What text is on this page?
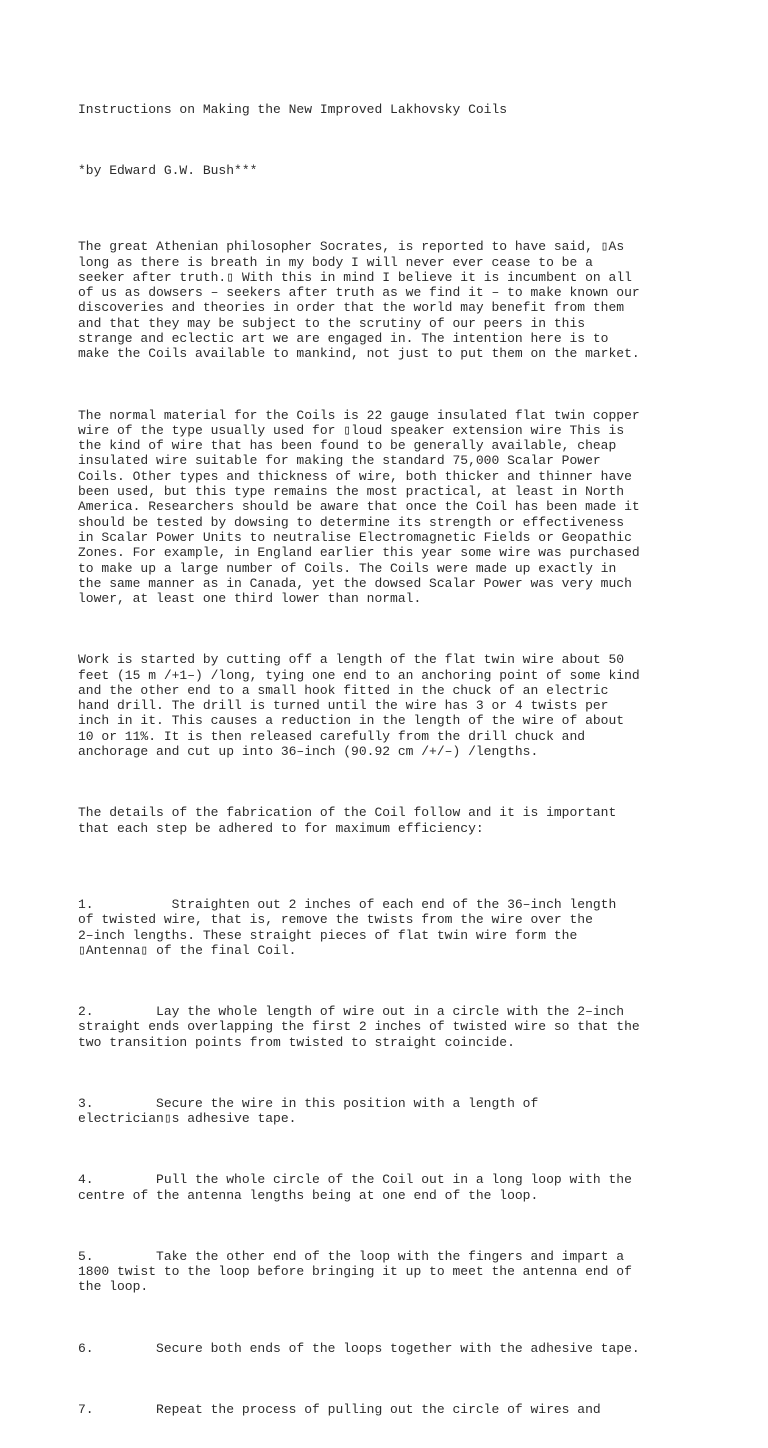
Instructions on Making the New Improved Lakhovsky Coils

*by Edward G.W. Bush***

The great Athenian philosopher Socrates, is reported to have said, ▯As
long as there is breath in my body I will never ever cease to be a
seeker after truth.▯ With this in mind I believe it is incumbent on all
of us as dowsers – seekers after truth as we find it – to make known our
discoveries and theories in order that the world may benefit from them
and that they may be subject to the scrutiny of our peers in this
strange and eclectic art we are engaged in. The intention here is to
make the Coils available to mankind, not just to put them on the market.

The normal material for the Coils is 22 gauge insulated flat twin copper
wire of the type usually used for ▯loud speaker extension wire This is
the kind of wire that has been found to be generally available, cheap
insulated wire suitable for making the standard 75,000 Scalar Power
Coils. Other types and thickness of wire, both thicker and thinner have
been used, but this type remains the most practical, at least in North
America. Researchers should be aware that once the Coil has been made it
should be tested by dowsing to determine its strength or effectiveness
in Scalar Power Units to neutralise Electromagnetic Fields or Geopathic
Zones. For example, in England earlier this year some wire was purchased
to make up a large number of Coils. The Coils were made up exactly in
the same manner as in Canada, yet the dowsed Scalar Power was very much
lower, at least one third lower than normal.

Work is started by cutting off a length of the flat twin wire about 50
feet (15 m /+1–) /long, tying one end to an anchoring point of some kind
and the other end to a small hook fitted in the chuck of an electric
hand drill. The drill is turned until the wire has 3 or 4 twists per
inch in it. This causes a reduction in the length of the wire of about
10 or 11%. It is then released carefully from the drill chuck and
anchorage and cut up into 36–inch (90.92 cm /+/–) /lengths.

The details of the fabrication of the Coil follow and it is important
that each step be adhered to for maximum efficiency:

1.          Straighten out 2 inches of each end of the 36–inch length
of twisted wire, that is, remove the twists from the wire over the
2–inch lengths. These straight pieces of flat twin wire form the
▯Antenna▯ of the final Coil.

2.        Lay the whole length of wire out in a circle with the 2–inch
straight ends overlapping the first 2 inches of twisted wire so that the
two transition points from twisted to straight coincide.

3.        Secure the wire in this position with a length of
electrician▯s adhesive tape.

4.        Pull the whole circle of the Coil out in a long loop with the
centre of the antenna lengths being at one end of the loop.

5.        Take the other end of the loop with the fingers and impart a
1800 twist to the loop before bringing it up to meet the antenna end of
the loop.

6.        Secure both ends of the loops together with the adhesive tape.

7.        Repeat the process of pulling out the circle of wires and
